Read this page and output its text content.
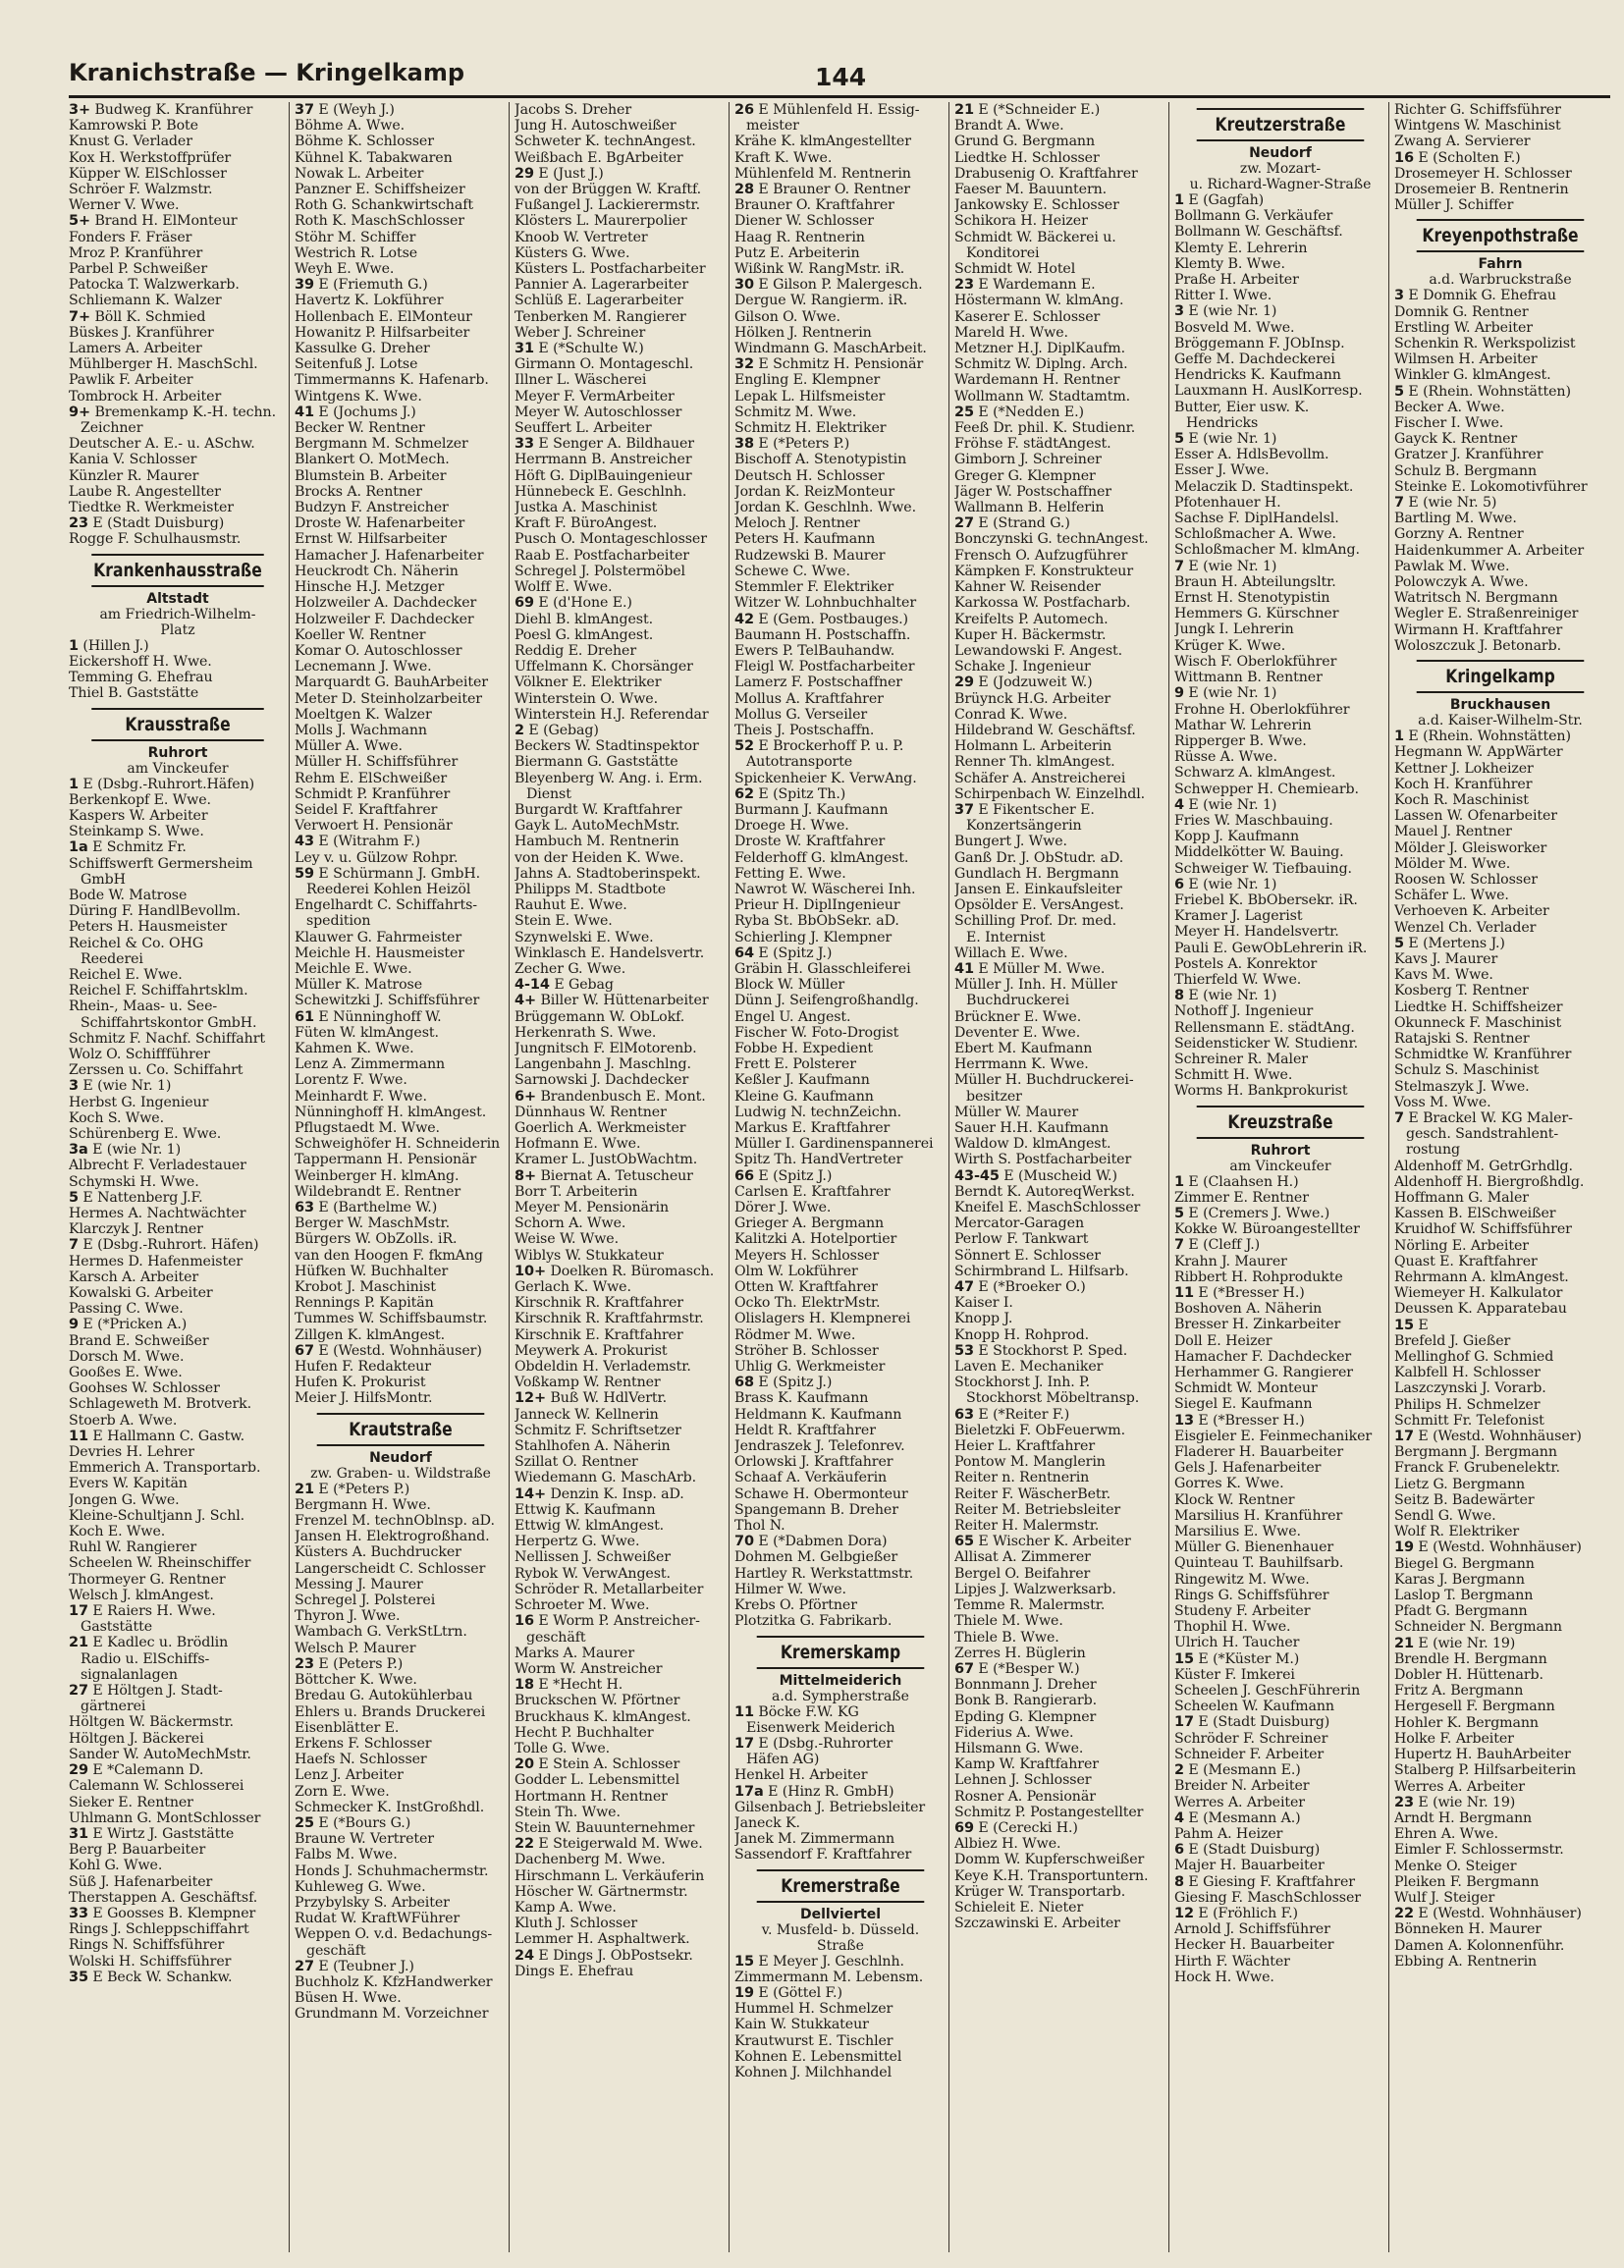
Kranichstraße — Kringelkamp	144
3+ Budweg K. Kranführer
Kamrowski P. Bote
Knust G. Verlader
Kox H. Werkstoffprüfer
Küpper W. ElSchlosser
Schröer F. Walzmstr.
Werner V. Wwe.
5+ Brand H. ElMonteur
Fonders F. Fräser
Mroz P. Kranführer
Parbel P. Schweißer
Patocka T. Walzwerkarb.
Schliemann K. Walzer
7+ Böll K. Schmied
Büskes J. Kranführer
Lamers A. Arbeiter
Mühlberger H. MaschSchl.
Pawlik F. Arbeiter
Tombrock H. Arbeiter
9+ Bremenkamp K.-H. techn.
Zeichner
Deutscher A. E.- u. ASchw.
Kania V. Schlosser
Künzler R. Maurer
Laube R. Angestellter
Tiedtke R. Werkmeister
23 E (Stadt Duisburg)
Rogge F. Schulhausmstr.
Krankenhausstraße
Altstadt
am Friedrich-Wilhelm-
Platz
1 (Hillen J.)
Eickershoff H. Wwe.
Temming G. Ehefrau
Thiel B. Gaststätte
Krausstraße
Ruhrort
am Vinckeufer
1 E (Dsbg.-Ruhrort.Häfen)
Berkenkopf E. Wwe.
Kaspers W. Arbeiter
Steinkamp S. Wwe.
1a E Schmitz Fr.
Schiffswerft Germersheim
GmbH
Bode W. Matrose
Düring F. HandlBevollm.
Peters H. Hausmeister
Reichel & Co. OHG
Reederei
Reichel E. Wwe.
Reichel F. Schiffahrtsklm.
Rhein-, Maas- u. See-
Schiffahrtskontor GmbH.
Schmitz F. Nachf. Schiffahrt
Wolz O. Schiffführer
Zerssen u. Co. Schiffahrt
3 E (wie Nr. 1)
Herbst G. Ingenieur
Koch S. Wwe.
Schürenberg E. Wwe.
3a E (wie Nr. 1)
Albrecht F. Verladestauer
Schymski H. Wwe.
5 E Nattenberg J.F.
Hermes A. Nachtwächter
Klarczyk J. Rentner
7 E (Dsbg.-Ruhrort. Häfen)
Hermes D. Hafenmeister
Karsch A. Arbeiter
Kowalski G. Arbeiter
Passing C. Wwe.
9 E (*Pricken A.)
Brand E. Schweißer
Dorsch M. Wwe.
Gooßes E. Wwe.
Goohses W. Schlosser
Schlageweth M. Brotverk.
Stoerb A. Wwe.
11 E Hallmann C. Gastw.
Devries H. Lehrer
Emmerich A. Transportarb.
Evers W. Kapitän
Jongen G. Wwe.
Kleine-Schultjann J. Schl.
Koch E. Wwe.
Ruhl W. Rangierer
Scheelen W. Rheinschiffer
Thormeyer G. Rentner
Welsch J. klmAngest.
17 E Raiers H. Wwe.
Gaststätte
21 E Kadlec u. Brödlin
Radio u. ElSchiffs-
signalanlagen
27 E Höltgen J. Stadt-
gärtnerei
Höltgen W. Bäckermstr.
Höltgen J. Bäckerei
Sander W. AutoMechMstr.
29 E *Calemann D.
Calemann W. Schlosserei
Sieker E. Rentner
Uhlmann G. MontSchlosser
31 E Wirtz J. Gaststätte
Berg P. Bauarbeiter
Kohl G. Wwe.
Süß J. Hafenarbeiter
Therstappen A. Geschäftsf.
33 E Goosses B. Klempner
Rings J. Schleppschiffahrt
Rings N. Schiffsführer
Wolski H. Schiffsführer
35 E Beck W. Schankw.
37 E (Weyh J.)
Böhme A. Wwe.
Böhme K. Schlosser
Kühnel K. Tabakwaren
Nowak L. Arbeiter
Panzner E. Schiffsheizer
Roth G. Schankwirtschaft
Roth K. MaschSchlosser
Stöhr M. Schiffer
Westrich R. Lotse
Weyh E. Wwe.
39 E (Friemuth G.)
Havertz K. Lokführer
Hollenbach E. ElMonteur
Howanitz P. Hilfsarbeiter
Kassulke G. Dreher
Seitenfuß J. Lotse
Timmermanns K. Hafenarb.
Wintgens K. Wwe.
41 E (Jochums J.)
Becker W. Rentner
Bergmann M. Schmelzer
Blankert O. MotMech.
Blumstein B. Arbeiter
Brocks A. Rentner
Budzyn F. Anstreicher
Droste W. Hafenarbeiter
Ernst W. Hilfsarbeiter
Hamacher J. Hafenarbeiter
Heuckrodt Ch. Näherin
Hinsche H.J. Metzger
Holzweiler A. Dachdecker
Holzweiler F. Dachdecker
Koeller W. Rentner
Komar O. Autoschlosser
Lecnemann J. Wwe.
Marquardt G. BauhArbeiter
Meter D. Steinholzarbeiter
Moeltgen K. Walzer
Molls J. Wachmann
Müller A. Wwe.
Müller H. Schiffsführer
Rehm E. ElSchweißer
Schmidt P. Kranführer
Seidel F. Kraftfahrer
Verwoert H. Pensionär
43 E (Witrahm F.)
Ley v. u. Gülzow Rohpr.
59 E Schürmann J. GmbH.
Reederei Kohlen Heizöl
Engelhardt C. Schiffahrts-
spedition
Klauwer G. Fahrmeister
Meichle H. Hausmeister
Meichle E. Wwe.
Müller K. Matrose
Schewitzki J. Schiffsführer
61 E Nünninghoff W.
Füten W. klmAngest.
Kahmen K. Wwe.
Lenz A. Zimmermann
Lorentz F. Wwe.
Meinhardt F. Wwe.
Nünninghoff H. klmAngest.
Pflugstaedt M. Wwe.
Schweighöfer H. Schneiderin
Tappermann H. Pensionär
Weinberger H. klmAng.
Wildebrandt E. Rentner
63 E (Barthelme W.)
Berger W. MaschMstr.
Bürgers W. ObZolls. iR.
van den Hoogen F. fkmAng
Hüfken W. Buchhalter
Krobot J. Maschinist
Rennings P. Kapitän
Tummes W. Schiffsbaumstr.
Zillgen K. klmAngest.
67 E (Westd. Wohnhäuser)
Hufen F. Redakteur
Hufen K. Prokurist
Meier J. HilfsMontr.
Krautstraße
Neudorf
zw. Graben- u. Wildstraße
21 E (*Peters P.)
Bergmann H. Wwe.
Frenzel M. technOblnsp. aD.
Jansen H. Elektrogroßhand.
Küsters A. Buchdrucker
Langerscheidt C. Schlosser
Messing J. Maurer
Schregel J. Polsterei
Thyron J. Wwe.
Wambach G. VerkStLtrn.
Welsch P. Maurer
23 E (Peters P.)
Böttcher K. Wwe.
Bredau G. Autokühlerbau
Ehlers u. Brands Druckerei
Eisenblätter E.
Erkens F. Schlosser
Haefs N. Schlosser
Lenz J. Arbeiter
Zorn E. Wwe.
Schmecker K. InstGroßhdl.
25 E (*Bours G.)
Braune W. Vertreter
Falbs M. Wwe.
Honds J. Schuhmachermstr.
Kuhleweg G. Wwe.
Przybylsky S. Arbeiter
Rudat W. KraftWFührer
Weppen O. v.d. Bedachungs-
geschäft
27 E (Teubner J.)
Buchholz K. KfzHandwerker
Büsen H. Wwe.
Grundmann M. Vorzeichner
Jacobs S. Dreher
Jung H. Autoschweißer
Schweter K. technAngest.
Weißbach E. BgArbeiter
29 E (Just J.)
von der Brüggen W. Kraftf.
Fußangel J. Lackierermstr.
Klösters L. Maurerpolier
Knoob W. Vertreter
Küsters G. Wwe.
Küsters L. Postfacharbeiter
Pannier A. Lagerarbeiter
Schlüß E. Lagerarbeiter
Tenberken M. Rangierer
Weber J. Schreiner
31 E (*Schulte W.)
Girmann O. Montageschl.
Illner L. Wäscherei
Meyer F. VermArbeiter
Meyer W. Autoschlosser
Seuffert L. Arbeiter
33 E Senger A. Bildhauer
Herrmann B. Anstreicher
Höft G. DiplBauingenieur
Hünnebeck E. Geschlnh.
Justka A. Maschinist
Kraft F. BüroAngest.
Pusch O. Montageschlosser
Raab E. Postfacharbeiter
Schregel J. Polstermöbel
Wolff E. Wwe.
69 E (d'Hone E.)
Diehl B. klmAngest.
Poesl G. klmAngest.
Reddig E. Dreher
Uffelmann K. Chorsänger
Völkner E. Elektriker
Winterstein O. Wwe.
Winterstein H.J. Referendar
2 E (Gebag)
Beckers W. Stadtinspektor
Biermann G. Gaststätte
Bleyenberg W. Ang. i. Erm.
Dienst
Burgardt W. Kraftfahrer
Gayk L. AutoMechMstr.
Hambuch M. Rentnerin
von der Heiden K. Wwe.
Jahns A. Stadtoberinspekt.
Philipps M. Stadtbote
Rauhut E. Wwe.
Stein E. Wwe.
Szynwelski E. Wwe.
Winklasch E. Handelsvertr.
Zecher G. Wwe.
4-14 E Gebag
4+ Biller W. Hüttenarbeiter
Brüggemann W. ObLokf.
Herkenrath S. Wwe.
Jungnitsch F. ElMotorenb.
Langenbahn J. Maschlng.
Sarnowski J. Dachdecker
6+ Brandenbusch E. Mont.
Dünnhaus W. Rentner
Goerlich A. Werkmeister
Hofmann E. Wwe.
Kramer L. JustObWachtm.
8+ Biernat A. Tetuscheur
Borr T. Arbeiterin
Meyer M. Pensionärin
Schorn A. Wwe.
Weise W. Wwe.
Wiblys W. Stukkateur
10+ Doelken R. Büromasch.
Gerlach K. Wwe.
Kirschnik R. Kraftfahrer
Kirschnik R. Kraftfahrmstr.
Kirschnik E. Kraftfahrer
Meywerk A. Prokurist
Obdeldin H. Verlademstr.
Voßkamp W. Rentner
12+ Buß W. HdlVertr.
Janneck W. Kellnerin
Schmitz F. Schriftsetzer
Stahlhofen A. Näherin
Szillat O. Rentner
Wiedemann G. MaschArb.
14+ Denzin K. Insp. aD.
Ettwig K. Kaufmann
Ettwig W. klmAngest.
Herpertz G. Wwe.
Nellissen J. Schweißer
Rybok W. VerwAngest.
Schröder R. Metallarbeiter
Schroeter M. Wwe.
16 E Worm P. Anstreicher-
geschäft
Marks A. Maurer
Worm W. Anstreicher
18 E *Hecht H.
Bruckschen W. Pförtner
Bruckhaus K. klmAngest.
Hecht P. Buchhalter
Tolle G. Wwe.
20 E Stein A. Schlosser
Godder L. Lebensmittel
Hortmann H. Rentner
Stein Th. Wwe.
Stein W. Bauunternehmer
22 E Steigerwald M. Wwe.
Dachenberg M. Wwe.
Hirschmann L. Verkäuferin
Höscher W. Gärtnermstr.
Kamp A. Wwe.
Kluth J. Schlosser
Lemmer H. Asphaltwerk.
24 E Dings J. ObPostsekr.
Dings E. Ehefrau
26 E Mühlenfeld H. Essig-
meister
Krähe K. klmAngestellter
Kraft K. Wwe.
Mühlenfeld M. Rentnerin
28 E Brauner O. Rentner
Brauner O. Kraftfahrer
Diener W. Schlosser
Haag R. Rentnerin
Putz E. Arbeiterin
Wißink W. RangMstr. iR.
30 E Gilson P. Malergesch.
Dergue W. Rangierm. iR.
Gilson O. Wwe.
Hölken J. Rentnerin
Windmann G. MaschArbeit.
32 E Schmitz H. Pensionär
Engling E. Klempner
Lepak L. Hilfsmeister
Schmitz M. Wwe.
Schmitz H. Elektriker
38 E (*Peters P.)
Bischoff A. Stenotypistin
Deutsch H. Schlosser
Jordan K. ReizMonteur
Jordan K. Geschlnh. Wwe.
Meloch J. Rentner
Peters H. Kaufmann
Rudzewski B. Maurer
Schewe C. Wwe.
Stemmler F. Elektriker
Witzer W. Lohnbuchhalter
42 E (Gem. Postbauges.)
Baumann H. Postschaffn.
Ewers P. TelBauhandw.
Fleigl W. Postfacharbeiter
Lamerz F. Postschaffner
Mollus A. Kraftfahrer
Mollus G. Verseiler
Theis J. Postschaffn.
52 E Brockerhoff P. u. P.
Autotransporte
Spickenheier K. VerwAng.
62 E (Spitz Th.)
Burmann J. Kaufmann
Droege H. Wwe.
Droste W. Kraftfahrer
Felderhoff G. klmAngest.
Fetting E. Wwe.
Nawrot W. Wäscherei Inh.
Prieur H. DiplIngenieur
Ryba St. BbObSekr. aD.
Schierling J. Klempner
64 E (Spitz J.)
Gräbin H. Glasschleiferei
Block W. Müller
Dünn J. Seifengroßhandlg.
Engel U. Angest.
Fischer W. Foto-Drogist
Fobbe H. Expedient
Frett E. Polsterer
Keßler J. Kaufmann
Kleine G. Kaufmann
Ludwig N. technZeichn.
Markus E. Kraftfahrer
Müller I. Gardinenspannerei
Spitz Th. HandVertreter
66 E (Spitz J.)
Carlsen E. Kraftfahrer
Dörer J. Wwe.
Grieger A. Bergmann
Kalitzki A. Hotelportier
Meyers H. Schlosser
Olm W. Lokführer
Otten W. Kraftfahrer
Ocko Th. ElektrMstr.
Olislagers H. Klempnerei
Rödmer M. Wwe.
Ströher B. Schlosser
Uhlig G. Werkmeister
68 E (Spitz J.)
Brass K. Kaufmann
Heldmann K. Kaufmann
Heldt R. Kraftfahrer
Jendraszek J. Telefonrev.
Orlowski J. Kraftfahrer
Schaaf A. Verkäuferin
Schawe H. Obermonteur
Spangemann B. Dreher
Thol N.
70 E (*Dabmen Dora)
Dohmen M. Gelbgießer
Hartley R. Werkstattmstr.
Hilmer W. Wwe.
Krebs O. Pförtner
Plotzitka G. Fabrikarb.
Kremerskamp
Mittelmeiderich
a.d. Sympherstraße
11 Böcke F.W. KG
Eisenwerk Meiderich
17 E (Dsbg.-Ruhrorter
Häfen AG)
Henkel H. Arbeiter
17a E (Hinz R. GmbH)
Gilsenbach J. Betriebsleiter
Janeck K.
Janek M. Zimmermann
Sassendorf F. Kraftfahrer
Kremerstraße
Dellviertel
v. Musfeld- b. Düsseld.
Straße
15 E Meyer J. Geschlnh.
Zimmermann M. Lebensm.
19 E (Göttel F.)
Hummel H. Schmelzer
Kain W. Stukkateur
Krautwurst E. Tischler
Kohnen E. Lebensmittel
Kohnen J. Milchhandel
21 E (*Schneider E.)
Brandt A. Wwe.
Grund G. Bergmann
Liedtke H. Schlosser
Drabusenig O. Kraftfahrer
Faeser M. Bauuntern.
Jankowsky E. Schlosser
Schikora H. Heizer
Schmidt W. Bäckerei u.
Konditorei
Schmidt W. Hotel
23 E Wardemann E.
Höstermann W. klmAng.
Kaserer E. Schlosser
Mareld H. Wwe.
Metzner H.J. DiplKaufm.
Schmitz W. Diplng. Arch.
Wardemann H. Rentner
Wollmann W. Stadtamtm.
25 E (*Nedden E.)
Feeß Dr. phil. K. Studienr.
Fröhse F. städtAngest.
Gimborn J. Schreiner
Greger G. Klempner
Jäger W. Postschaffner
Wallmann B. Helferin
27 E (Strand G.)
Bonczynski G. technAngest.
Frensch O. Aufzugführer
Kämpken F. Konstrukteur
Kahner W. Reisender
Karkossa W. Postfacharb.
Kreifelts P. Automech.
Kuper H. Bäckermstr.
Lewandowski F. Angest.
Schake J. Ingenieur
29 E (Jodzuweit W.)
Brüynck H.G. Arbeiter
Conrad K. Wwe.
Hildebrand W. Geschäftsf.
Holmann L. Arbeiterin
Renner Th. klmAngest.
Schäfer A. Anstreicherei
Schirpenbach W. Einzelhdl.
37 E Fikentscher E.
Konzertsängerin
Bungert J. Wwe.
Ganß Dr. J. ObStudr. aD.
Gundlach H. Bergmann
Jansen E. Einkaufsleiter
Opsölder E. VersAngest.
Schilling Prof. Dr. med.
E. Internist
Willach E. Wwe.
41 E Müller M. Wwe.
Müller J. Inh. H. Müller
Buchdruckerei
Brückner E. Wwe.
Deventer E. Wwe.
Ebert M. Kaufmann
Herrmann K. Wwe.
Müller H. Buchdruckerei-
besitzer
Müller W. Maurer
Sauer H.H. Kaufmann
Waldow D. klmAngest.
Wirth S. Postfacharbeiter
43-45 E (Muscheid W.)
Berndt K. AutoreqWerkst.
Kneifel E. MaschSchlosser
Mercator-Garagen
Perlow F. Tankwart
Sönnert E. Schlosser
Schirmbrand L. Hilfsarb.
47 E (*Broeker O.)
Kaiser I.
Knopp J.
Knopp H. Rohprod.
53 E Stockhorst P. Sped.
Laven E. Mechaniker
Stockhorst J. Inh. P.
Stockhorst Möbeltransp.
63 E (*Reiter F.)
Bieletzki F. ObFeuerwm.
Heier L. Kraftfahrer
Pontow M. Manglerin
Reiter n. Rentnerin
Reiter F. WäscherBetr.
Reiter M. Betriebsleiter
Reiter H. Malermstr.
65 E Wischer K. Arbeiter
Allisat A. Zimmerer
Bergel O. Beifahrer
Lipjes J. Walzwerksarb.
Temme R. Malermstr.
Thiele M. Wwe.
Thiele B. Wwe.
Zerres H. Büglerin
67 E (*Besper W.)
Bonnmann J. Dreher
Bonk B. Rangierarb.
Epding G. Klempner
Fiderius A. Wwe.
Hilsmann G. Wwe.
Kamp W. Kraftfahrer
Lehnen J. Schlosser
Rosner A. Pensionär
Schmitz P. Postangestellter
69 E (Cerecki H.)
Albiez H. Wwe.
Domm W. Kupferschweißer
Keye K.H. Transportuntern.
Krüger W. Transportarb.
Schieleit E. Nieter
Szczawinski E. Arbeiter
Kreutzerstraße
Neudorf
zw. Mozart-
u. Richard-Wagner-Straße
1 E (Gagfah)
Bollmann G. Verkäufer
Bollmann W. Geschäftsf.
Klemty E. Lehrerin
Klemty B. Wwe.
Praße H. Arbeiter
Ritter I. Wwe.
3 E (wie Nr. 1)
Bosveld M. Wwe.
Bröggemann F. JObInsp.
Geffe M. Dachdeckerei
Hendricks K. Kaufmann
Lauxmann H. AuslKorresp.
Butter, Eier usw. K.
Hendricks
5 E (wie Nr. 1)
Esser A. HdlsBevollm.
Esser J. Wwe.
Melaczik D. Stadtinspekt.
Pfotenhauer H.
Sachse F. DiplHandelsl.
Schloßmacher A. Wwe.
Schloßmacher M. klmAng.
7 E (wie Nr. 1)
Braun H. Abteilungsltr.
Ernst H. Stenotypistin
Hemmers G. Kürschner
Jungk I. Lehrerin
Krüger K. Wwe.
Wisch F. Oberlokführer
Wittmann B. Rentner
9 E (wie Nr. 1)
Frohne H. Oberlokführer
Mathar W. Lehrerin
Ripperger B. Wwe.
Rüsse A. Wwe.
Schwarz A. klmAngest.
Schwepper H. Chemiearb.
4 E (wie Nr. 1)
Fries W. Maschbauing.
Kopp J. Kaufmann
Middelkötter W. Bauing.
Schweiger W. Tiefbauing.
6 E (wie Nr. 1)
Friebel K. BbObersekr. iR.
Kramer J. Lagerist
Meyer H. Handelsvertr.
Pauli E. GewObLehrerin iR.
Postels A. Konrektor
Thierfeld W. Wwe.
8 E (wie Nr. 1)
Nothoff J. Ingenieur
Rellensmann E. städtAng.
Seidensticker W. Studienr.
Schreiner R. Maler
Schmitt H. Wwe.
Worms H. Bankprokurist
Kreuzstraße
Ruhrort
am Vinckeufer
1 E (Claahsen H.)
Zimmer E. Rentner
5 E (Cremers J. Wwe.)
Kokke W. Büroangestellter
7 E (Cleff J.)
Krahn J. Maurer
Ribbert H. Rohprodukte
11 E (*Bresser H.)
Boshoven A. Näherin
Bresser H. Zinkarbeiter
Doll E. Heizer
Hamacher F. Dachdecker
Herhammer G. Rangierer
Schmidt W. Monteur
Siegel E. Kaufmann
13 E (*Bresser H.)
Eisgieler E. Feinmechaniker
Fladerer H. Bauarbeiter
Gels J. Hafenarbeiter
Gorres K. Wwe.
Klock W. Rentner
Marsilius H. Kranführer
Marsilius E. Wwe.
Müller G. Bienenhauer
Quinteau T. Bauhilfsarb.
Ringewitz M. Wwe.
Rings G. Schiffsführer
Studeny F. Arbeiter
Thophil H. Wwe.
Ulrich H. Taucher
15 E (*Küster M.)
Küster F. Imkerei
Scheelen J. GeschFührerin
Scheelen W. Kaufmann
17 E (Stadt Duisburg)
Schröder F. Schreiner
Schneider F. Arbeiter
2 E (Mesmann E.)
Breider N. Arbeiter
Werres A. Arbeiter
4 E (Mesmann A.)
Pahm A. Heizer
6 E (Stadt Duisburg)
Majer H. Bauarbeiter
8 E Giesing F. Kraftfahrer
Giesing F. MaschSchlosser
12 E (Fröhlich F.)
Arnold J. Schiffsführer
Hecker H. Bauarbeiter
Hirth F. Wächter
Hock H. Wwe.
Richter G. Schiffsführer
Wintgens W. Maschinist
Zwang A. Servierer
16 E (Scholten F.)
Drosemeyer H. Schlosser
Drosemeier B. Rentnerin
Müller J. Schiffer
Kreyenpothstraße
Fahrn
a.d. Warbruckstraße
3 E Domnik G. Ehefrau
Domnik G. Rentner
Erstling W. Arbeiter
Schenkin R. Werkspolizist
Wilmsen H. Arbeiter
Winkler G. klmAngest.
5 E (Rhein. Wohnstätten)
Becker A. Wwe.
Fischer I. Wwe.
Gayck K. Rentner
Gratzer J. Kranführer
Schulz B. Bergmann
Steinke E. Lokomotivführer
7 E (wie Nr. 5)
Bartling M. Wwe.
Gorzny A. Rentner
Haidenkummer A. Arbeiter
Pawlak M. Wwe.
Polowczyk A. Wwe.
Watritsch N. Bergmann
Wegler E. Straßenreiniger
Wirmann H. Kraftfahrer
Woloszczuk J. Betonarb.
Kringelkamp
Bruckhausen
a.d. Kaiser-Wilhelm-Str.
1 E (Rhein. Wohnstätten)
Hegmann W. AppWärter
Kettner J. Lokheizer
Koch H. Kranführer
Koch R. Maschinist
Lassen W. Ofenarbeiter
Mauel J. Rentner
Mölder J. Gleisworker
Mölder M. Wwe.
Roosen W. Schlosser
Schäfer L. Wwe.
Verhoeven K. Arbeiter
Wenzel Ch. Verlader
5 E (Mertens J.)
Kavs J. Maurer
Kavs M. Wwe.
Kosberg T. Rentner
Liedtke H. Schiffsheizer
Okunneck F. Maschinist
Ratajski S. Rentner
Schmidtke W. Kranführer
Schulz S. Maschinist
Stelmaszyk J. Wwe.
Voss M. Wwe.
7 E Brackel W. KG Maler-
gesch. Sandstrahlent-
rostung
Aldenhoff M. GetrGrhdlg.
Aldenhoff H. Biergroßhdlg.
Hoffmann G. Maler
Kassen B. ElSchweißer
Kruidhof W. Schiffsführer
Nörling E. Arbeiter
Quast E. Kraftfahrer
Rehrmann A. klmAngest.
Wiemeyer H. Kalkulator
Deussen K. Apparatebau
15 E
Brefeld J. Gießer
Mellinghof G. Schmied
Kalbfell H. Schlosser
Laszczynski J. Vorarb.
Philips H. Schmelzer
Schmitt Fr. Telefonist
17 E (Westd. Wohnhäuser)
Bergmann J. Bergmann
Franck F. Grubenelektr.
Lietz G. Bergmann
Seitz B. Badewärter
Sendl G. Wwe.
Wolf R. Elektriker
19 E (Westd. Wohnhäuser)
Biegel G. Bergmann
Karas J. Bergmann
Laslop T. Bergmann
Pfadt G. Bergmann
Schneider N. Bergmann
21 E (wie Nr. 19)
Brendle H. Bergmann
Dobler H. Hüttenarb.
Fritz A. Bergmann
Hergesell F. Bergmann
Hohler K. Bergmann
Holke F. Arbeiter
Hupertz H. BauhArbeiter
Stalberg P. Hilfsarbeiterin
Werres A. Arbeiter
23 E (wie Nr. 19)
Arndt H. Bergmann
Ehren A. Wwe.
Eimler F. Schlossermstr.
Menke O. Steiger
Pleiken F. Bergmann
Wulf J. Steiger
22 E (Westd. Wohnhäuser)
Bönneken H. Maurer
Damen A. Kolonnenführ.
Ebbing A. Rentnerin
